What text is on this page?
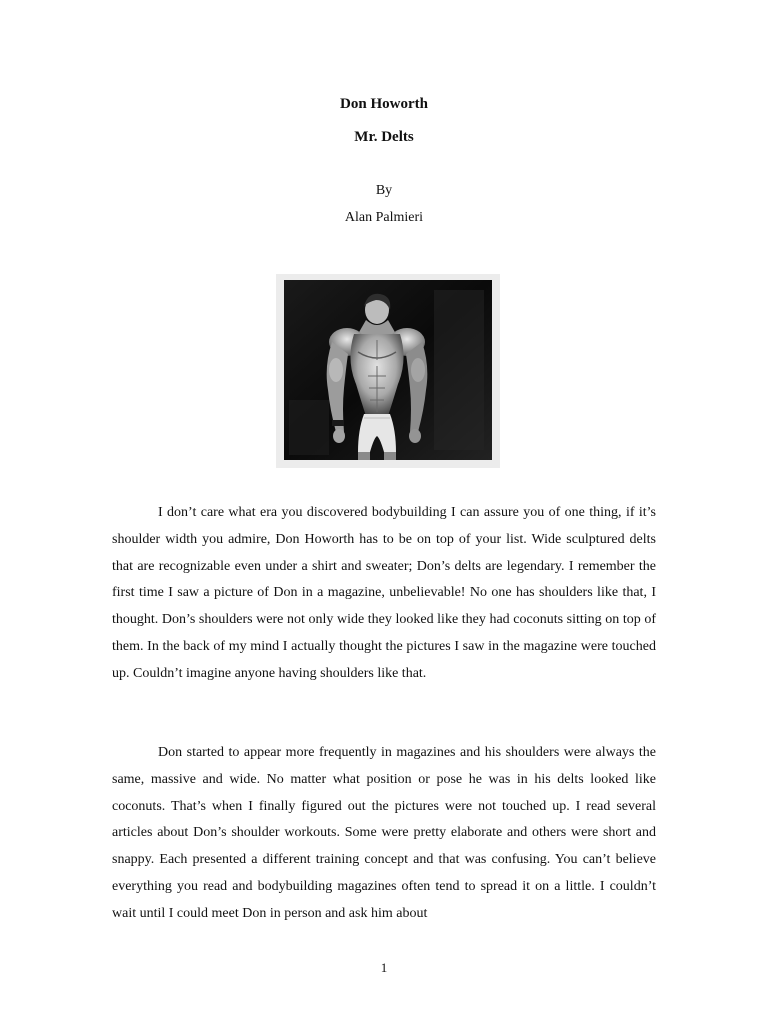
Don Howorth
Mr. Delts
By
Alan Palmieri

I don’t care what era you discovered bodybuilding I can assure you of one thing, if it’s shoulder width you admire, Don Howorth has to be on top of your list. Wide sculptured delts that are recognizable even under a shirt and sweater; Don’s delts are legendary. I remember the first time I saw a picture of Don in a magazine, unbelievable! No one has shoulders like that, I thought. Don’s shoulders were not only wide they looked like they had coconuts sitting on top of them. In the back of my mind I actually thought the pictures I saw in the magazine were touched up. Couldn’t imagine anyone having shoulders like that.

Don started to appear more frequently in magazines and his shoulders were always the same, massive and wide. No matter what position or pose he was in his delts looked like coconuts. That’s when I finally figured out the pictures were not touched up. I read several articles about Don’s shoulder workouts. Some were pretty elaborate and others were short and snappy. Each presented a different training concept and that was confusing. You can’t believe everything you read and bodybuilding magazines often tend to spread it on a little. I couldn’t wait until I could meet Don in person and ask him about

1
